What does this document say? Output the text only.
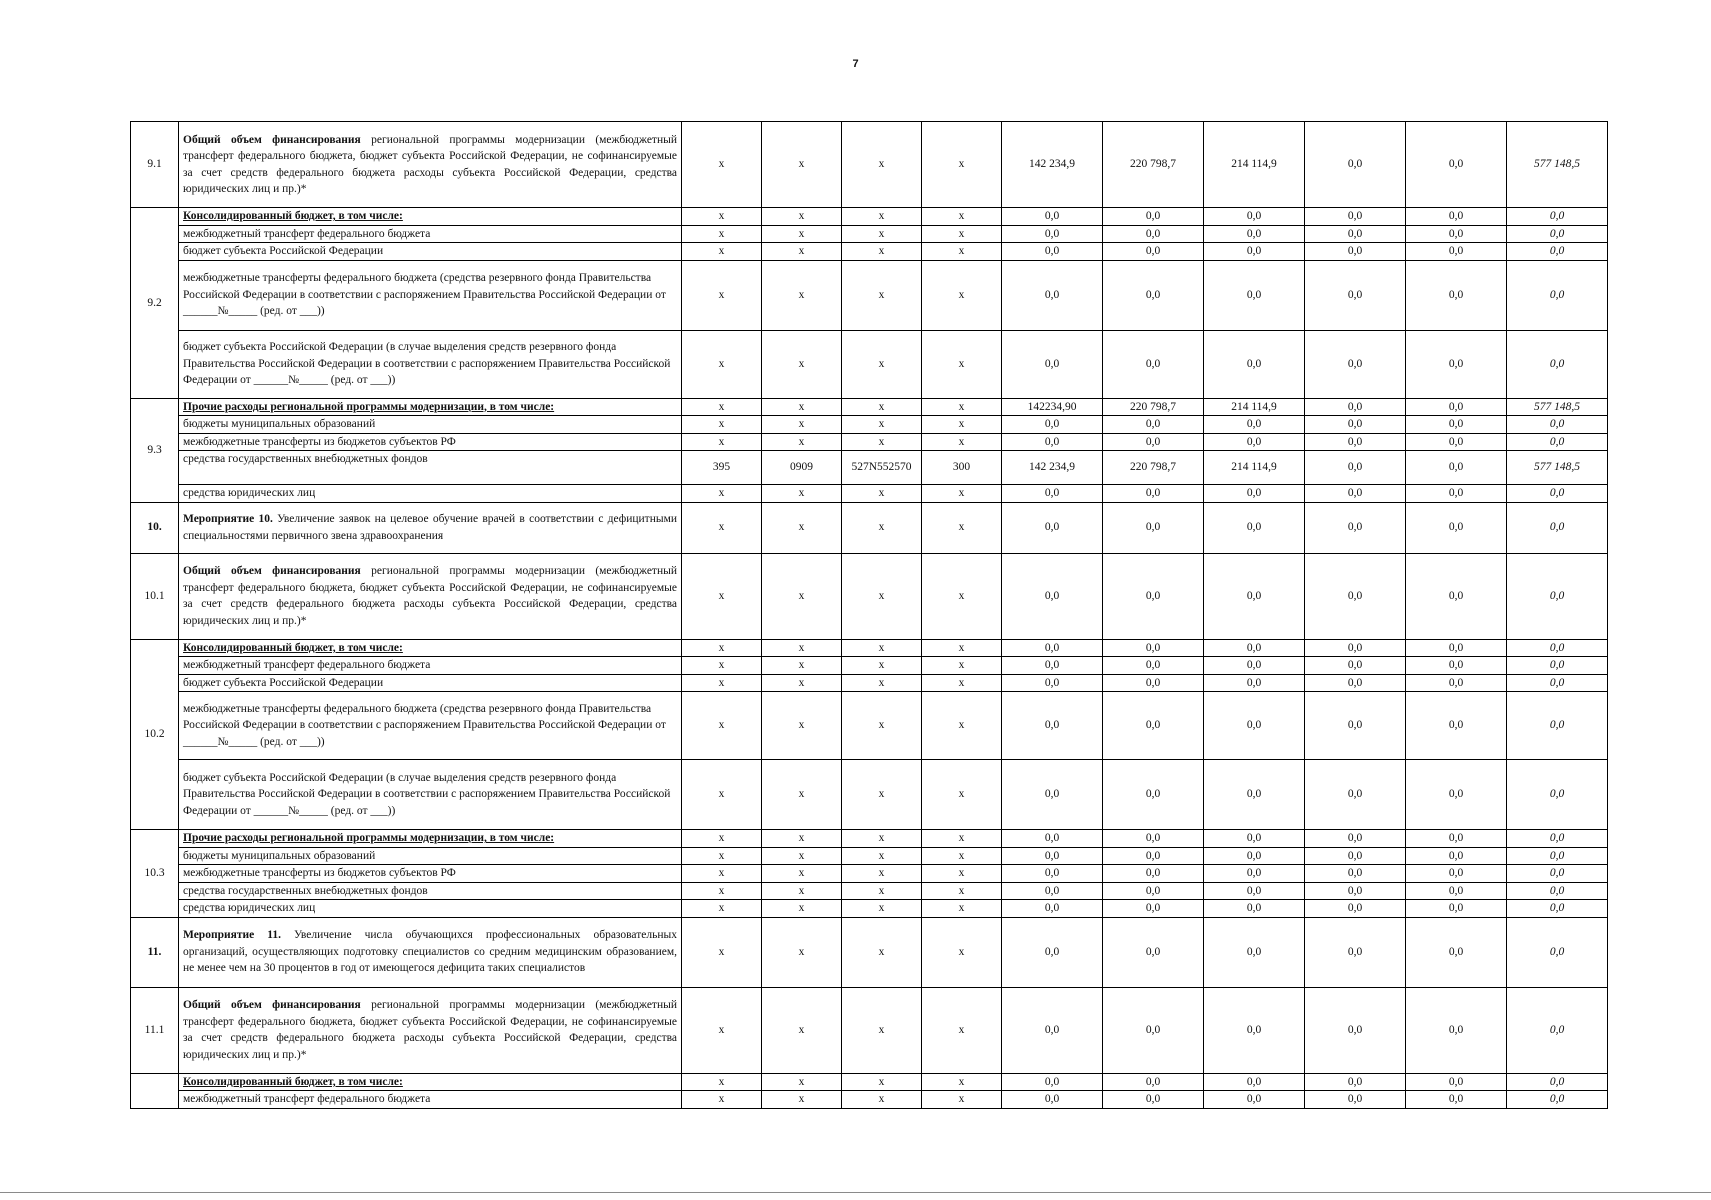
7
9.1	Общий объем финансирования региональной программы модернизации (межбюджетный трансферт федерального бюджета, бюджет субъекта Российской Федерации, не софинансируемые за счет средств федерального бюджета расходы субъекта Российской Федерации, средства юридических лиц и пр.)*	x	x	x	x	142 234,9	220 798,7	214 114,9	0,0	0,0	577 148,5
9.2	Консолидированный бюджет, в том числе:	x	x	x	x	0,0	0,0	0,0	0,0	0,0	0,0
	межбюджетный трансферт федерального бюджета	x	x	x	x	0,0	0,0	0,0	0,0	0,0	0,0
	бюджет субъекта Российской Федерации	x	x	x	x	0,0	0,0	0,0	0,0	0,0	0,0
	межбюджетные трансферты федерального бюджета (средства резервного фонда Правительства Российской Федерации в соответствии с распоряжением Правительства Российской Федерации от ______№_____ (ред. от ___))	x	x	x	x	0,0	0,0	0,0	0,0	0,0	0,0
	бюджет субъекта Российской Федерации (в случае выделения средств резервного фонда Правительства Российской Федерации в соответствии с распоряжением Правительства Российской Федерации от ______№_____ (ред. от ___))	x	x	x	x	0,0	0,0	0,0	0,0	0,0	0,0
9.3	Прочие расходы региональной программы модернизации, в том числе:	x	x	x	x	142234,90	220 798,7	214 114,9	0,0	0,0	577 148,5
	бюджеты муниципальных образований	x	x	x	x	0,0	0,0	0,0	0,0	0,0	0,0
	межбюджетные трансферты из бюджетов субъектов РФ	x	x	x	x	0,0	0,0	0,0	0,0	0,0	0,0
	средства государственных внебюджетных фондов	395	0909	527N552570	300	142 234,9	220 798,7	214 114,9	0,0	0,0	577 148,5
	средства юридических лиц	x	x	x	x	0,0	0,0	0,0	0,0	0,0	0,0
10.	Мероприятие 10. Увеличение заявок на целевое обучение врачей в соответствии с дефицитными специальностями первичного звена здравоохранения	x	x	x	x	0,0	0,0	0,0	0,0	0,0	0,0
10.1	Общий объем финансирования региональной программы модернизации (межбюджетный трансферт федерального бюджета, бюджет субъекта Российской Федерации, не софинансируемые за счет средств федерального бюджета расходы субъекта Российской Федерации, средства юридических лиц и пр.)*	x	x	x	x	0,0	0,0	0,0	0,0	0,0	0,0
10.2	Консолидированный бюджет, в том числе:	x	x	x	x	0,0	0,0	0,0	0,0	0,0	0,0
	межбюджетный трансферт федерального бюджета	x	x	x	x	0,0	0,0	0,0	0,0	0,0	0,0
	бюджет субъекта Российской Федерации	x	x	x	x	0,0	0,0	0,0	0,0	0,0	0,0
	межбюджетные трансферты федерального бюджета (средства резервного фонда Правительства Российской Федерации в соответствии с распоряжением Правительства Российской Федерации от ______№_____ (ред. от ___))	x	x	x	x	0,0	0,0	0,0	0,0	0,0	0,0
	бюджет субъекта Российской Федерации (в случае выделения средств резервного фонда Правительства Российской Федерации в соответствии с распоряжением Правительства Российской Федерации от ______№_____ (ред. от ___))	x	x	x	x	0,0	0,0	0,0	0,0	0,0	0,0
10.3	Прочие расходы региональной программы модернизации, в том числе:	x	x	x	x	0,0	0,0	0,0	0,0	0,0	0,0
	бюджеты муниципальных образований	x	x	x	x	0,0	0,0	0,0	0,0	0,0	0,0
	межбюджетные трансферты из бюджетов субъектов РФ	x	x	x	x	0,0	0,0	0,0	0,0	0,0	0,0
	средства государственных внебюджетных фондов	x	x	x	x	0,0	0,0	0,0	0,0	0,0	0,0
	средства юридических лиц	x	x	x	x	0,0	0,0	0,0	0,0	0,0	0,0
11.	Мероприятие 11. Увеличение числа обучающихся профессиональных образовательных организаций, осуществляющих подготовку специалистов со средним медицинским образованием, не менее чем на 30 процентов в год от имеющегося дефицита таких специалистов	x	x	x	x	0,0	0,0	0,0	0,0	0,0	0,0
11.1	Общий объем финансирования региональной программы модернизации (межбюджетный трансферт федерального бюджета, бюджет субъекта Российской Федерации, не софинансируемые за счет средств федерального бюджета расходы субъекта Российской Федерации, средства юридических лиц и пр.)*	x	x	x	x	0,0	0,0	0,0	0,0	0,0	0,0
	Консолидированный бюджет, в том числе:	x	x	x	x	0,0	0,0	0,0	0,0	0,0	0,0
	межбюджетный трансферт федерального бюджета	x	x	x	x	0,0	0,0	0,0	0,0	0,0	0,0
